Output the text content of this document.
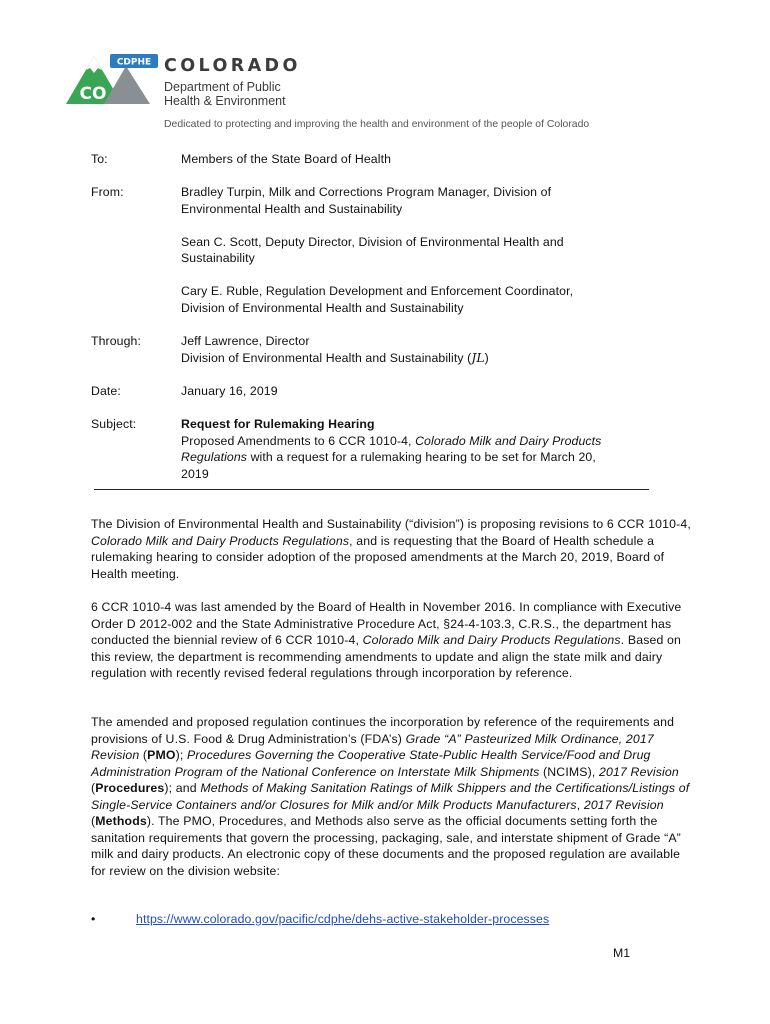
CDPHE
CO
COLORADO
Department of Public
Health & Environment
Dedicated to protecting and improving the health and environment of the people of Colorado
To:	Members of the State Board of Health
From:	Bradley Turpin, Milk and Corrections Program Manager, Division of
Environmental Health and Sustainability
Sean C. Scott, Deputy Director, Division of Environmental Health and
Sustainability
Cary E. Ruble, Regulation Development and Enforcement Coordinator,
Division of Environmental Health and Sustainability
Through:	Jeff Lawrence, Director
Division of Environmental Health and Sustainability (JL)
Date:	January 16, 2019
Subject:	Request for Rulemaking Hearing
Proposed Amendments to 6 CCR 1010-4, Colorado Milk and Dairy Products
Regulations with a request for a rulemaking hearing to be set for March 20,
2019

The Division of Environmental Health and Sustainability (“division”) is proposing revisions to 6 CCR 1010-4, Colorado Milk and Dairy Products Regulations, and is requesting that the Board of Health schedule a rulemaking hearing to consider adoption of the proposed amendments at the March 20, 2019, Board of Health meeting.

6 CCR 1010-4 was last amended by the Board of Health in November 2016. In compliance with Executive Order D 2012-002 and the State Administrative Procedure Act, §24-4-103.3, C.R.S., the department has conducted the biennial review of 6 CCR 1010-4, Colorado Milk and Dairy Products Regulations. Based on this review, the department is recommending amendments to update and align the state milk and dairy regulation with recently revised federal regulations through incorporation by reference.

The amended and proposed regulation continues the incorporation by reference of the requirements and provisions of U.S. Food & Drug Administration’s (FDA’s) Grade “A” Pasteurized Milk Ordinance, 2017 Revision (PMO); Procedures Governing the Cooperative State-Public Health Service/Food and Drug Administration Program of the National Conference on Interstate Milk Shipments (NCIMS), 2017 Revision (Procedures); and Methods of Making Sanitation Ratings of Milk Shippers and the Certifications/Listings of Single-Service Containers and/or Closures for Milk and/or Milk Products Manufacturers, 2017 Revision (Methods). The PMO, Procedures, and Methods also serve as the official documents setting forth the sanitation requirements that govern the processing, packaging, sale, and interstate shipment of Grade “A” milk and dairy products. An electronic copy of these documents and the proposed regulation are available for review on the division website:

•	https://www.colorado.gov/pacific/cdphe/dehs-active-stakeholder-processes
M1
